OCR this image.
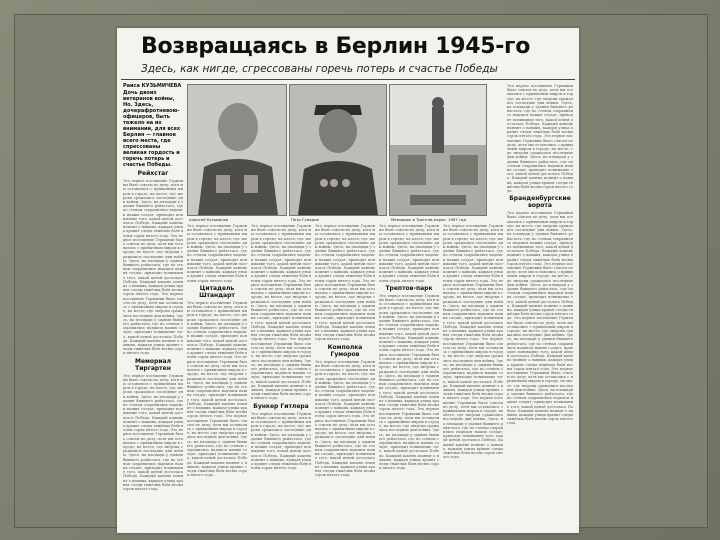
Возвращаясь в Берлин 1945-го
Здесь, как нигде, сгрессованы горечь потерь и счастье Победы
Раиса КУЗЬМИЧЕВА
Дочь двоих ветеранов войны, Но. Здесь, дочерафротневою- офицеров, быть тяжело на их внимании, для всех Берлин — главное всего места, где спрессованы великая гордость и горечь потерь и счастье Победы.
Рейхстаг
Это первое посещение Германии было совсем по делу, хотя мы оставались с привычным миром в городе, на месте, где зверски сражались последние дни войны. Здесь, на площади у здания бывшего рейхстага, где по стенам сохранились надписи наших солдат, приходит понимание того, какой ценой досталась Победа. Каждый камень помнит о павших, каждая улица хранит следы тяжёлых боёв весны сорок пятого года. Это первое посещение Германии было совсем по делу, хотя мы оставались с привычным миром в городе, на месте, где зверски сражались последние дни войны. Здесь, на площади у здания бывшего рейхстага, где по стенам сохранились надписи наших солдат, приходит понимание того, какой ценой досталась Победа. Каждый камень помнит о павших, каждая улица хранит следы тяжёлых боёв весны сорок пятого года. Это первое посещение Германии было совсем по делу, хотя мы оставались с привычным миром в городе, на месте, где зверски сражались последние дни войны. Здесь, на площади у здания бывшего рейхстага, где по стенам сохранились надписи наших солдат, приходит понимание того, какой ценой досталась Победа. Каждый камень помнит о павших, каждая улица хранит следы тяжёлых боёв весны сорок пятого года.
Мемориал Тиргартен
Это первое посещение Германии было совсем по делу, хотя мы оставались с привычным миром в городе, на месте, где зверски сражались последние дни войны. Здесь, на площади у здания бывшего рейхстага, где по стенам сохранились надписи наших солдат, приходит понимание того, какой ценой досталась Победа. Каждый камень помнит о павших, каждая улица хранит следы тяжёлых боёв весны сорок пятого года. Это первое посещение Германии было совсем по делу, хотя мы оставались с привычным миром в городе, на месте, где зверски сражались последние дни войны. Здесь, на площади у здания бывшего рейхстага, где по стенам сохранились надписи наших солдат, приходит понимание того, какой ценой досталась Победа. Каждый камень помнит о павших, каждая улица хранит следы тяжёлых боёв весны сорок пятого года.
Алексей Кузьмичев	Петр Гуморов	Мемориал в Трептов-парке. 1967 год
Это первое посещение Германии было совсем по делу, хотя мы оставались с привычным миром в городе, на месте, где зверски сражались последние дни войны. Здесь, на площади у здания бывшего рейхстага, где по стенам сохранились надписи наших солдат, приходит понимание того, какой ценой досталась Победа. Каждый камень помнит о павших, каждая улица хранит следы тяжёлых боёв весны сорок пятого года.
Цитадель Штандарт
Это первое посещение Германии было совсем по делу, хотя мы оставались с привычным миром в городе, на месте, где зверски сражались последние дни войны. Здесь, на площади у здания бывшего рейхстага, где по стенам сохранились надписи наших солдат, приходит понимание того, какой ценой досталась Победа. Каждый камень помнит о павших, каждая улица хранит следы тяжёлых боёв весны сорок пятого года. Это первое посещение Германии было совсем по делу, хотя мы оставались с привычным миром в городе, на месте, где зверски сражались последние дни войны. Здесь, на площади у здания бывшего рейхстага, где по стенам сохранились надписи наших солдат, приходит понимание того, какой ценой досталась Победа. Каждый камень помнит о павших, каждая улица хранит следы тяжёлых боёв весны сорок пятого года. Это первое посещение Германии было совсем по делу, хотя мы оставались с привычным миром в городе, на месте, где зверски сражались последние дни войны. Здесь, на площади у здания бывшего рейхстага, где по стенам сохранились надписи наших солдат, приходит понимание того, какой ценой досталась Победа. Каждый камень помнит о павших, каждая улица хранит следы тяжёлых боёв весны сорок пятого года.
Это первое посещение Германии было совсем по делу, хотя мы оставались с привычным миром в городе, на месте, где зверски сражались последние дни войны. Здесь, на площади у здания бывшего рейхстага, где по стенам сохранились надписи наших солдат, приходит понимание того, какой ценой досталась Победа. Каждый камень помнит о павших, каждая улица хранит следы тяжёлых боёв весны сорок пятого года. Это первое посещение Германии было совсем по делу, хотя мы оставались с привычным миром в городе, на месте, где зверски сражались последние дни войны. Здесь, на площади у здания бывшего рейхстага, где по стенам сохранились надписи наших солдат, приходит понимание того, какой ценой досталась Победа. Каждый камень помнит о павших, каждая улица хранит следы тяжёлых боёв весны сорок пятого года. Это первое посещение Германии было совсем по делу, хотя мы оставались с привычным миром в городе, на месте, где зверски сражались последние дни войны. Здесь, на площади у здания бывшего рейхстага, где по стенам сохранились надписи наших солдат, приходит понимание того, какой ценой досталась Победа. Каждый камень помнит о павших, каждая улица хранит следы тяжёлых боёв весны сорок пятого года.
Бункер Гитлера
Это первое посещение Германии было совсем по делу, хотя мы оставались с привычным миром в городе, на месте, где зверски сражались последние дни войны. Здесь, на площади у здания бывшего рейхстага, где по стенам сохранились надписи наших солдат, приходит понимание того, какой ценой досталась Победа. Каждый камень помнит о павших, каждая улица хранит следы тяжёлых боёв весны сорок пятого года.
Это первое посещение Германии было совсем по делу, хотя мы оставались с привычным миром в городе, на месте, где зверски сражались последние дни войны. Здесь, на площади у здания бывшего рейхстага, где по стенам сохранились надписи наших солдат, приходит понимание того, какой ценой досталась Победа. Каждый камень помнит о павших, каждая улица хранит следы тяжёлых боёв весны сорок пятого года. Это первое посещение Германии было совсем по делу, хотя мы оставались с привычным миром в городе, на месте, где зверски сражались последние дни войны. Здесь, на площади у здания бывшего рейхстага, где по стенам сохранились надписи наших солдат, приходит понимание того, какой ценой досталась Победа. Каждый камень помнит о павших, каждая улица хранит следы тяжёлых боёв весны сорок пятого года.
Комполка Гуморов
Это первое посещение Германии было совсем по делу, хотя мы оставались с привычным миром в городе, на месте, где зверски сражались последние дни войны. Здесь, на площади у здания бывшего рейхстага, где по стенам сохранились надписи наших солдат, приходит понимание того, какой ценой досталась Победа. Каждый камень помнит о павших, каждая улица хранит следы тяжёлых боёв весны сорок пятого года. Это первое посещение Германии было совсем по делу, хотя мы оставались с привычным миром в городе, на месте, где зверски сражались последние дни войны. Здесь, на площади у здания бывшего рейхстага, где по стенам сохранились надписи наших солдат, приходит понимание того, какой ценой досталась Победа. Каждый камень помнит о павших, каждая улица хранит следы тяжёлых боёв весны сорок пятого года.
Это первое посещение Германии было совсем по делу, хотя мы оставались с привычным миром в городе, на месте, где зверски сражались последние дни войны. Здесь, на площади у здания бывшего рейхстага, где по стенам сохранились надписи наших солдат, приходит понимание того, какой ценой досталась Победа. Каждый камень помнит о павших, каждая улица хранит следы тяжёлых боёв весны сорок пятого года.
Трептов-парк
Это первое посещение Германии было совсем по делу, хотя мы оставались с привычным миром в городе, на месте, где зверски сражались последние дни войны. Здесь, на площади у здания бывшего рейхстага, где по стенам сохранились надписи наших солдат, приходит понимание того, какой ценой досталась Победа. Каждый камень помнит о павших, каждая улица хранит следы тяжёлых боёв весны сорок пятого года. Это первое посещение Германии было совсем по делу, хотя мы оставались с привычным миром в городе, на месте, где зверски сражались последние дни войны. Здесь, на площади у здания бывшего рейхстага, где по стенам сохранились надписи наших солдат, приходит понимание того, какой ценой досталась Победа. Каждый камень помнит о павших, каждая улица хранит следы тяжёлых боёв весны сорок пятого года. Это первое посещение Германии было совсем по делу, хотя мы оставались с привычным миром в городе, на месте, где зверски сражались последние дни войны. Здесь, на площади у здания бывшего рейхстага, где по стенам сохранились надписи наших солдат, приходит понимание того, какой ценой досталась Победа. Каждый камень помнит о павших, каждая улица хранит следы тяжёлых боёв весны сорок пятого года.
Это первое посещение Германии было совсем по делу, хотя мы оставались с привычным миром в городе, на месте, где зверски сражались последние дни войны. Здесь, на площади у здания бывшего рейхстага, где по стенам сохранились надписи наших солдат, приходит понимание того, какой ценой досталась Победа. Каждый камень помнит о павших, каждая улица хранит следы тяжёлых боёв весны сорок пятого года. Это первое посещение Германии было совсем по делу, хотя мы оставались с привычным миром в городе, на месте, где зверски сражались последние дни войны. Здесь, на площади у здания бывшего рейхстага, где по стенам сохранились надписи наших солдат, приходит понимание того, какой ценой досталась Победа. Каждый камень помнит о павших, каждая улица хранит следы тяжёлых боёв весны сорок пятого года. Это первое посещение Германии было совсем по делу, хотя мы оставались с привычным миром в городе, на месте, где зверски сражались последние дни войны. Здесь, на площади у здания бывшего рейхстага, где по стенам сохранились надписи наших солдат, приходит понимание того, какой ценой досталась Победа. Каждый камень помнит о павших, каждая улица хранит следы тяжёлых боёв весны сорок пятого года. Это первое посещение Германии было совсем по делу, хотя мы оставались с привычным миром в городе, на месте, где зверски сражались последние дни войны. Здесь, на площади у здания бывшего рейхстага, где по стенам сохранились надписи наших солдат, приходит понимание того, какой ценой досталась Победа. Каждый камень помнит о павших, каждая улица хранит следы тяжёлых боёв весны сорок пятого года.
Это первое посещение Германии было совсем по делу, хотя мы оставались с привычным миром в городе, на месте, где зверски сражались последние дни войны. Здесь, на площади у здания бывшего рейхстага, где по стенам сохранились надписи наших солдат, приходит понимание того, какой ценой досталась Победа. Каждый камень помнит о павших, каждая улица хранит следы тяжёлых боёв весны сорок пятого года. Это первое посещение Германии было совсем по делу, хотя мы оставались с привычным миром в городе, на месте, где зверски сражались последние дни войны. Здесь, на площади у здания бывшего рейхстага, где по стенам сохранились надписи наших солдат, приходит понимание того, какой ценой досталась Победа. Каждый камень помнит о павших, каждая улица хранит следы тяжёлых боёв весны сорок пятого года.
Бранденбургские ворота
Это первое посещение Германии было совсем по делу, хотя мы оставались с привычным миром в городе, на месте, где зверски сражались последние дни войны. Здесь, на площади у здания бывшего рейхстага, где по стенам сохранились надписи наших солдат, приходит понимание того, какой ценой досталась Победа. Каждый камень помнит о павших, каждая улица хранит следы тяжёлых боёв весны сорок пятого года. Это первое посещение Германии было совсем по делу, хотя мы оставались с привычным миром в городе, на месте, где зверски сражались последние дни войны. Здесь, на площади у здания бывшего рейхстага, где по стенам сохранились надписи наших солдат, приходит понимание того, какой ценой досталась Победа. Каждый камень помнит о павших, каждая улица хранит следы тяжёлых боёв весны сорок пятого года. Это первое посещение Германии было совсем по делу, хотя мы оставались с привычным миром в городе, на месте, где зверски сражались последние дни войны. Здесь, на площади у здания бывшего рейхстага, где по стенам сохранились надписи наших солдат, приходит понимание того, какой ценой досталась Победа. Каждый камень помнит о павших, каждая улица хранит следы тяжёлых боёв весны сорок пятого года. Это первое посещение Германии было совсем по делу, хотя мы оставались с привычным миром в городе, на месте, где зверски сражались последние дни войны. Здесь, на площади у здания бывшего рейхстага, где по стенам сохранились надписи наших солдат, приходит понимание того, какой ценой досталась Победа. Каждый камень помнит о павших, каждая улица хранит следы тяжёлых боёв весны сорок пятого года.
